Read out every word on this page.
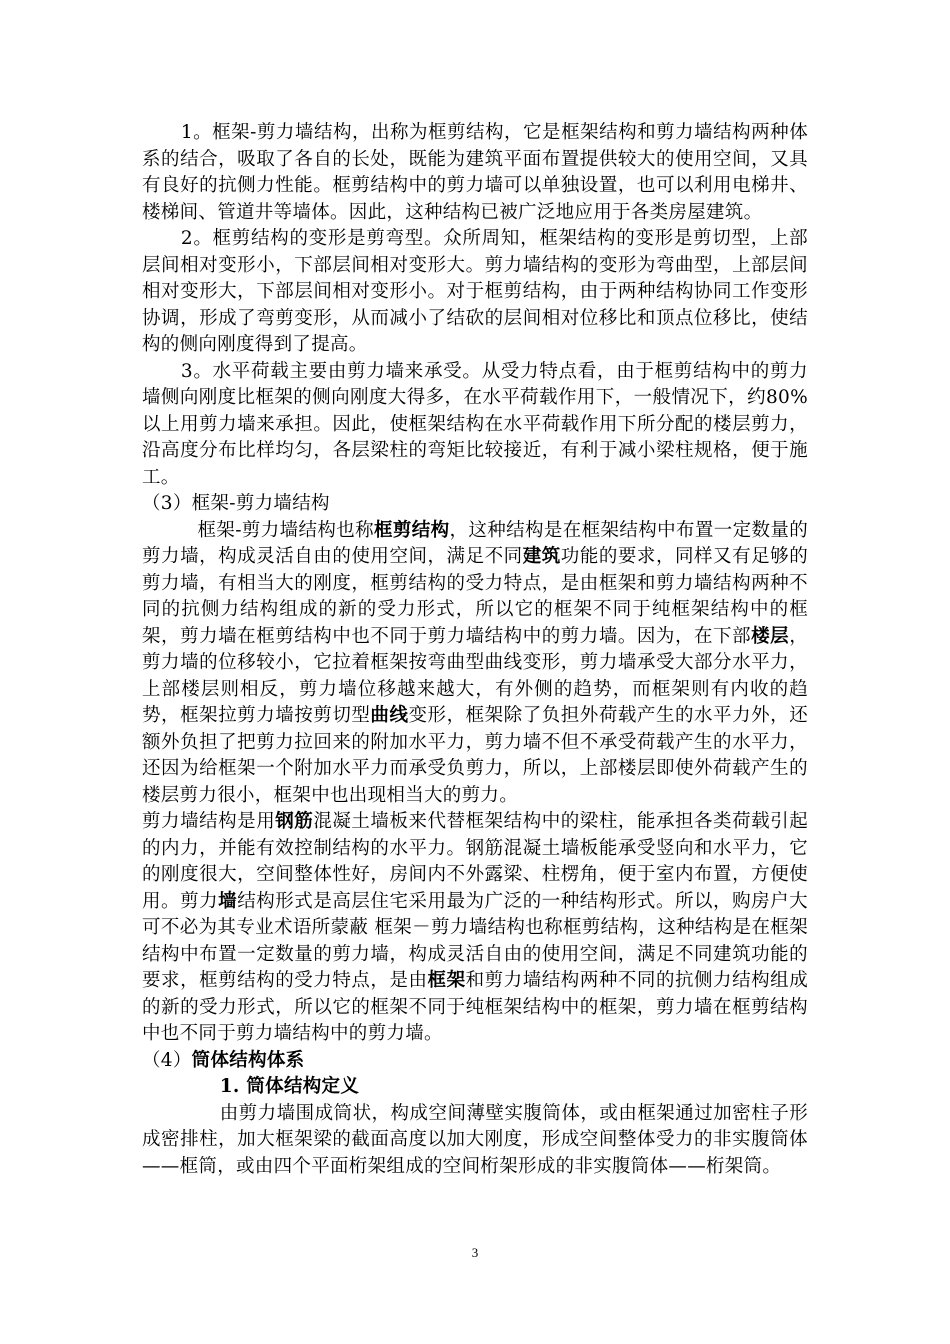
1。框架-剪力墙结构，出称为框剪结构，它是框架结构和剪力墙结构两种体系的结合，吸取了各自的长处，既能为建筑平面布置提供较大的使用空间，又具有良好的抗侧力性能。框剪结构中的剪力墙可以单独设置，也可以利用电梯井、楼梯间、管道井等墙体。因此，这种结构已被广泛地应用于各类房屋建筑。

2。框剪结构的变形是剪弯型。众所周知，框架结构的变形是剪切型，上部层间相对变形小，下部层间相对变形大。剪力墙结构的变形为弯曲型，上部层间相对变形大，下部层间相对变形小。对于框剪结构，由于两种结构协同工作变形协调，形成了弯剪变形，从而减小了结砍的层间相对位移比和顶点位移比，使结构的侧向刚度得到了提高。

3。水平荷载主要由剪力墙来承受。从受力特点看，由于框剪结构中的剪力墙侧向刚度比框架的侧向刚度大得多，在水平荷载作用下，一般情况下，约80%以上用剪力墙来承担。因此，使框架结构在水平荷载作用下所分配的楼层剪力，沿高度分布比样均匀，各层梁柱的弯矩比较接近，有利于减小梁柱规格，便于施工。

（3）框架-剪力墙结构

框架-剪力墙结构也称框剪结构，这种结构是在框架结构中布置一定数量的剪力墙，构成灵活自由的使用空间，满足不同建筑功能的要求，同样又有足够的剪力墙，有相当大的刚度，框剪结构的受力特点，是由框架和剪力墙结构两种不同的抗侧力结构组成的新的受力形式，所以它的框架不同于纯框架结构中的框架，剪力墙在框剪结构中也不同于剪力墙结构中的剪力墙。因为，在下部楼层，剪力墙的位移较小，它拉着框架按弯曲型曲线变形，剪力墙承受大部分水平力，上部楼层则相反，剪力墙位移越来越大，有外侧的趋势，而框架则有内收的趋势，框架拉剪力墙按剪切型曲线变形，框架除了负担外荷载产生的水平力外，还额外负担了把剪力拉回来的附加水平力，剪力墙不但不承受荷载产生的水平力，还因为给框架一个附加水平力而承受负剪力，所以，上部楼层即使外荷载产生的楼层剪力很小，框架中也出现相当大的剪力。

剪力墙结构是用钢筋混凝土墙板来代替框架结构中的梁柱，能承担各类荷载引起的内力，并能有效控制结构的水平力。钢筋混凝土墙板能承受竖向和水平力，它的刚度很大，空间整体性好，房间内不外露梁、柱楞角，便于室内布置，方便使用。剪力墙结构形式是高层住宅采用最为广泛的一种结构形式。所以，购房户大可不必为其专业术语所蒙蔽 框架－剪力墙结构也称框剪结构，这种结构是在框架结构中布置一定数量的剪力墙，构成灵活自由的使用空间，满足不同建筑功能的要求，框剪结构的受力特点，是由框架和剪力墙结构两种不同的抗侧力结构组成的新的受力形式，所以它的框架不同于纯框架结构中的框架，剪力墙在框剪结构中也不同于剪力墙结构中的剪力墙。

（4）筒体结构体系

1. 筒体结构定义

由剪力墙围成筒状，构成空间薄壁实腹筒体，或由框架通过加密柱子形成密排柱，加大框架梁的截面高度以加大刚度，形成空间整体受力的非实腹筒体——框筒，或由四个平面桁架组成的空间桁架形成的非实腹筒体——桁架筒。

3
